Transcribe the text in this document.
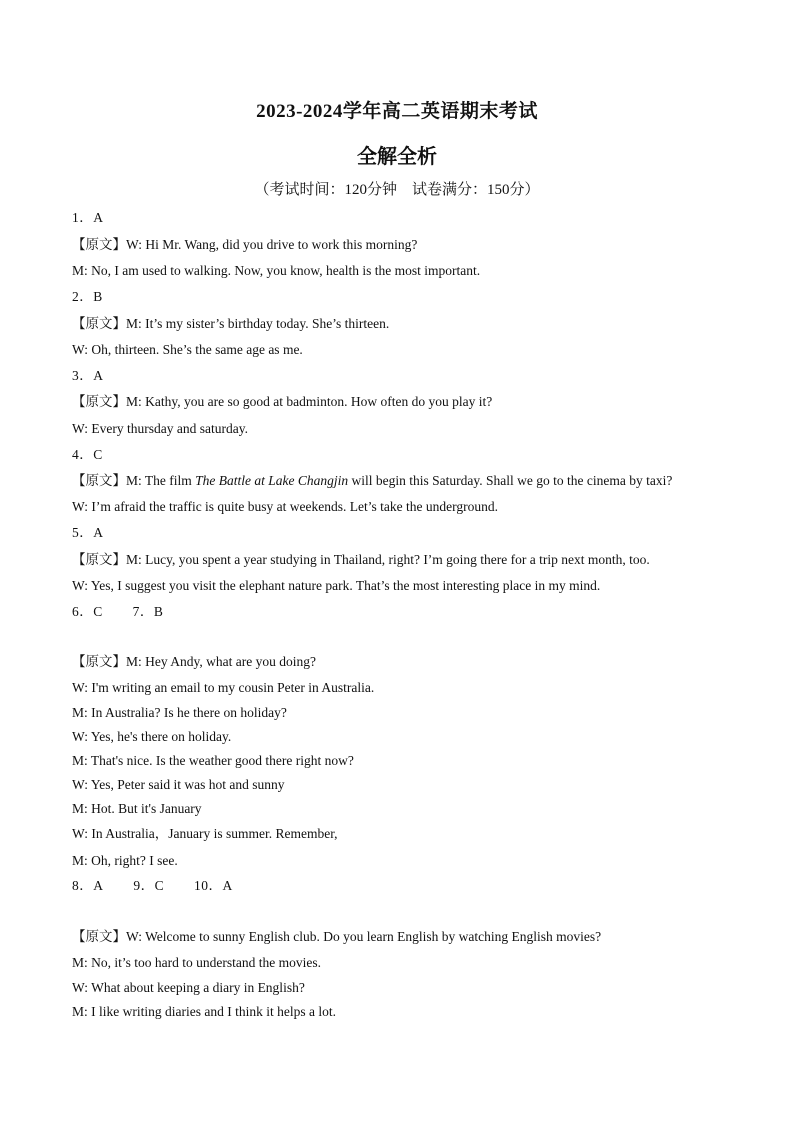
2023-2024学年高二英语期末考试
全解全析
（考试时间：120分钟　试卷满分：150分）
1．A
【原文】W: Hi Mr. Wang, did you drive to work this morning?
M: No, I am used to walking. Now, you know, health is the most important.
2．B
【原文】M: It’s my sister’s birthday today. She’s thirteen.
W: Oh, thirteen. She’s the same age as me.
3．A
【原文】M: Kathy, you are so good at badminton. How often do you play it?
W: Every thursday and saturday.
4．C
【原文】M: The film The Battle at Lake Changjin will begin this Saturday. Shall we go to the cinema by taxi?
W: I’m afraid the traffic is quite busy at weekends. Let’s take the underground.
5．A
【原文】M: Lucy, you spent a year studying in Thailand, right? I’m going there for a trip next month, too.
W: Yes, I suggest you visit the elephant nature park. That’s the most interesting place in my mind.
6．C 7．B
【原文】M: Hey Andy, what are you doing?
W: I'm writing an email to my cousin Peter in Australia.
M: In Australia? Is he there on holiday?
W: Yes, he's there on holiday.
M: That's nice. Is the weather good there right now?
W: Yes, Peter said it was hot and sunny
M: Hot. But it's January
W: In Australia，January is summer. Remember,
M: Oh, right? I see.
8．A 9．C 10．A
【原文】W: Welcome to sunny English club. Do you learn English by watching English movies?
M: No, it’s too hard to understand the movies.
W: What about keeping a diary in English?
M: I like writing diaries and I think it helps a lot.
